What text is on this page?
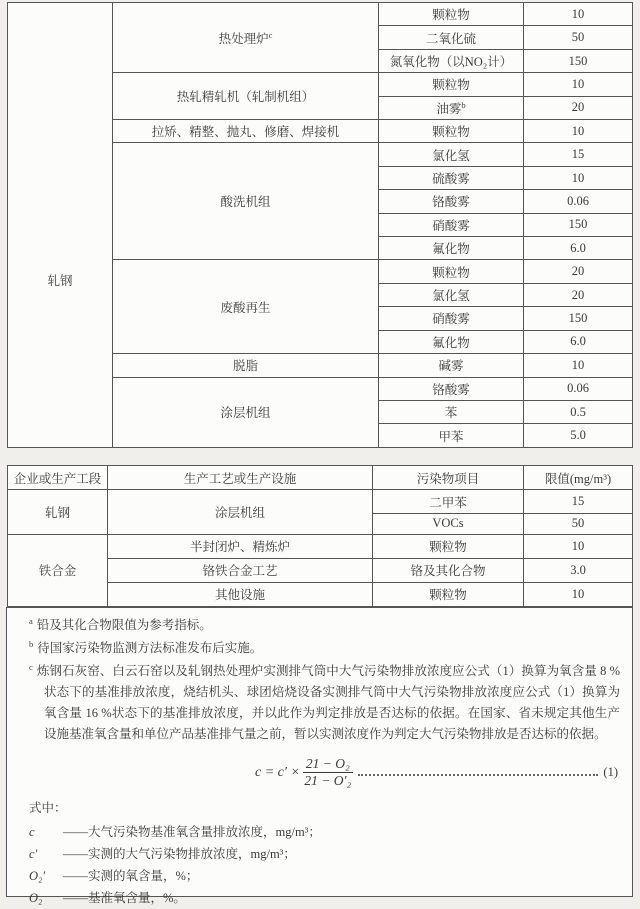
轧钢	热处理炉$^c$	颗粒物	10
		二氧化硫	50
		氮氧化物（以NO₂计）	150
	热轧精轧机（轧制机组）	颗粒物	10
		油雾$^b$	20
	拉矫、精整、抛丸、修磨、焊接机	颗粒物	10
	酸洗机组	氯化氢	15
		硫酸雾	10
		铬酸雾	0.06
		硝酸雾	150
		氟化物	6.0
	废酸再生	颗粒物	20
		氯化氢	20
		硝酸雾	150
		氟化物	6.0
	脱脂	碱雾	10
	涂层机组	铬酸雾	0.06
		苯	0.5
		甲苯	5.0
企业或生产工段	生产工艺或生产设施	污染物项目	限值(mg/m³)
轧钢	涂层机组	二甲苯	15
		VOCs	50
铁合金	半封闭炉、精炼炉	颗粒物	10
	铬铁合金工艺	铬及其化合物	3.0
	其他设施	颗粒物	10

$^a$ 铅及其化合物限值为参考指标。

$^b$ 待国家污染物监测方法标准发布后实施。

$^c$ 炼钢石灰窑、白云石窑以及轧钢热处理炉实测排气筒中大气污染物排放浓度应公式（1）换算为氧含量 8 %状态下的基准排放浓度，烧结机头、球团焙烧设备实测排气筒中大气污染物排放浓度应公式（1）换算为氧含量 16 %状态下的基准排放浓度，并以此作为判定排放是否达标的依据。在国家、省未规定其他生产设施基准氧含量和单位产品基准排气量之前，暂以实测浓度作为判定大气污染物排放是否达标的依据。

$c = c' \times \frac{\text{21 − O₂}}{\text{21 − O′₂}}$	(1)

式中：

c	——大气污染物基准氧含量排放浓度，mg/m³；
c′	——实测的大气污染物排放浓度，mg/m³；
O₂′	——实测的氧含量，%；
O₂	——基准氧含量，%。
